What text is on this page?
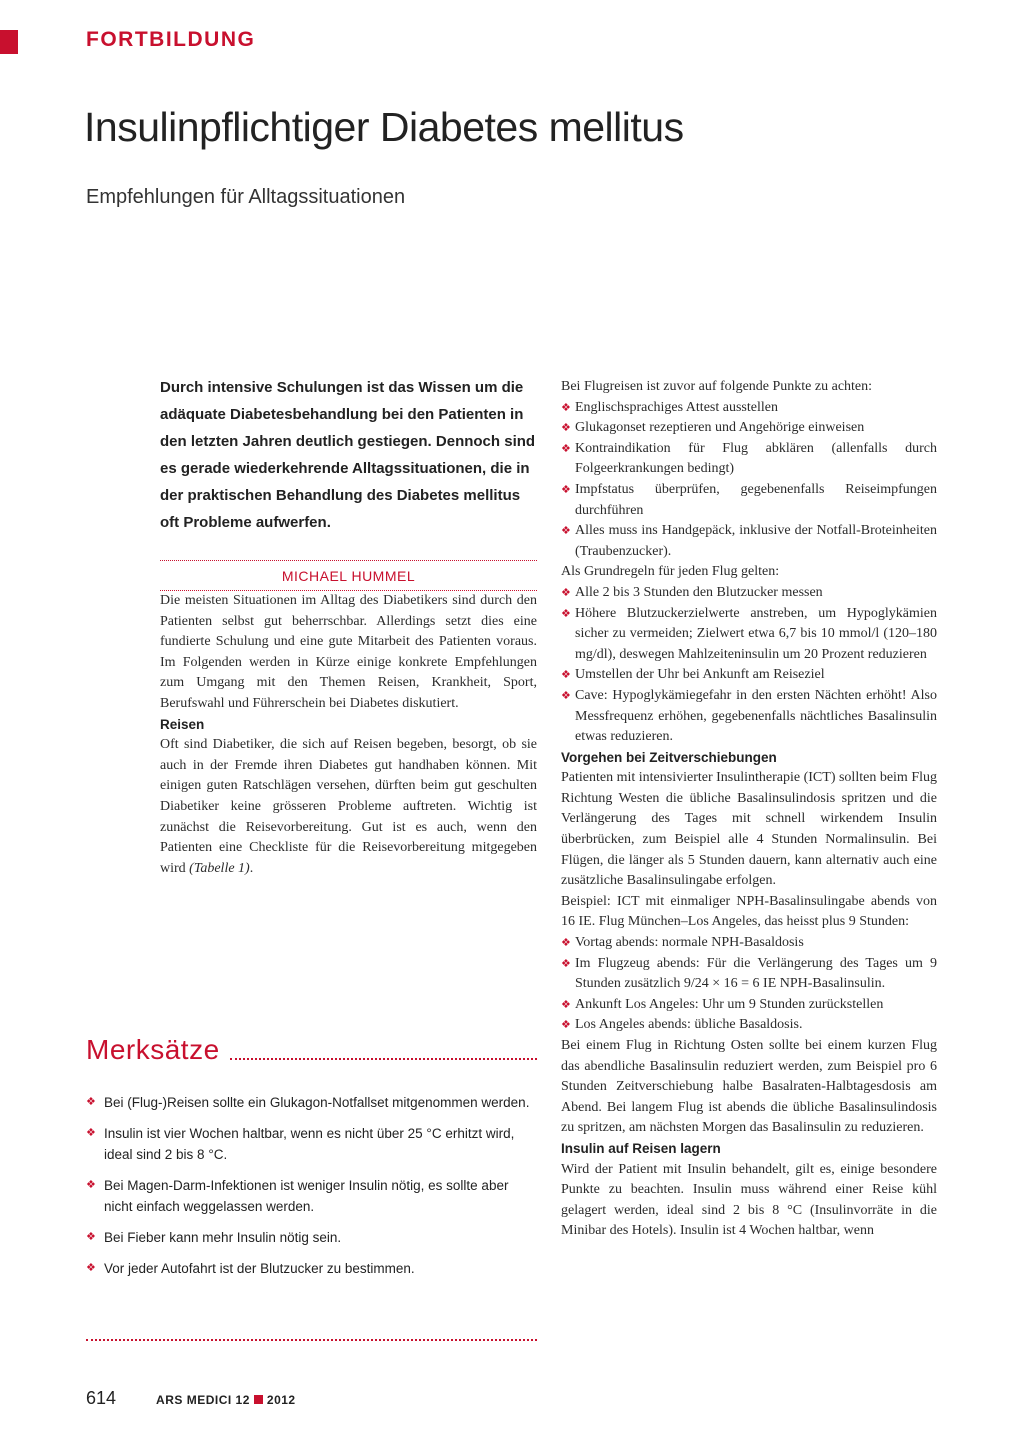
FORTBILDUNG
Insulinpflichtiger Diabetes mellitus
Empfehlungen für Alltagssituationen

Durch intensive Schulungen ist das Wissen um die adäquate Diabetesbehandlung bei den Patienten in den letzten Jahren deutlich gestiegen. Dennoch sind es gerade wiederkehrende Alltagssituationen, die in der praktischen Behandlung des Diabetes mellitus oft Probleme aufwerfen.

MICHAEL HUMMEL

Die meisten Situationen im Alltag des Diabetikers sind durch den Patienten selbst gut beherrschbar. Allerdings setzt dies eine fundierte Schulung und eine gute Mitarbeit des Patienten voraus. Im Folgenden werden in Kürze einige konkrete Empfehlungen zum Umgang mit den Themen Reisen, Krankheit, Sport, Berufswahl und Führerschein bei Diabetes diskutiert.

Reisen

Oft sind Diabetiker, die sich auf Reisen begeben, besorgt, ob sie auch in der Fremde ihren Diabetes gut handhaben können. Mit einigen guten Ratschlägen versehen, dürften beim gut geschulten Diabetiker keine grösseren Probleme auftreten. Wichtig ist zunächst die Reisevorbereitung. Gut ist es auch, wenn den Patienten eine Checkliste für die Reisevorbereitung mitgegeben wird (Tabelle 1).

Merksätze
❖ Bei (Flug-)Reisen sollte ein Glukagon-Notfallset mitgenommen werden.
❖ Insulin ist vier Wochen haltbar, wenn es nicht über 25 °C erhitzt wird, ideal sind 2 bis 8 °C.
❖ Bei Magen-Darm-Infektionen ist weniger Insulin nötig, es sollte aber nicht einfach weggelassen werden.
❖ Bei Fieber kann mehr Insulin nötig sein.
❖ Vor jeder Autofahrt ist der Blutzucker zu bestimmen.

Bei Flugreisen ist zuvor auf folgende Punkte zu achten:

❖ Englischsprachiges Attest ausstellen
❖ Glukagonset rezeptieren und Angehörige einweisen
❖ Kontraindikation für Flug abklären (allenfalls durch Folgeerkrankungen bedingt)
❖ Impfstatus überprüfen, gegebenenfalls Reiseimpfungen durchführen
❖ Alles muss ins Handgepäck, inklusive der Notfall-Broteinheiten (Traubenzucker).

Als Grundregeln für jeden Flug gelten:

❖ Alle 2 bis 3 Stunden den Blutzucker messen
❖ Höhere Blutzuckerzielwerte anstreben, um Hypoglykämien sicher zu vermeiden; Zielwert etwa 6,7 bis 10 mmol/l (120–180 mg/dl), deswegen Mahlzeiteninsulin um 20 Prozent reduzieren
❖ Umstellen der Uhr bei Ankunft am Reiseziel
❖ Cave: Hypoglykämiegefahr in den ersten Nächten erhöht! Also Messfrequenz erhöhen, gegebenenfalls nächtliches Basalinsulin etwas reduzieren.
Vorgehen bei Zeitverschiebungen

Patienten mit intensivierter Insulintherapie (ICT) sollten beim Flug Richtung Westen die übliche Basalinsulindosis spritzen und die Verlängerung des Tages mit schnell wirkendem Insulin überbrücken, zum Beispiel alle 4 Stunden Normalinsulin. Bei Flügen, die länger als 5 Stunden dauern, kann alternativ auch eine zusätzliche Basalinsulingabe erfolgen.

Beispiel: ICT mit einmaliger NPH-Basalinsulingabe abends von 16 IE. Flug München–Los Angeles, das heisst plus 9 Stunden:

❖ Vortag abends: normale NPH-Basaldosis
❖ Im Flugzeug abends: Für die Verlängerung des Tages um 9 Stunden zusätzlich 9/24 × 16 = 6 IE NPH-Basalinsulin.
❖ Ankunft Los Angeles: Uhr um 9 Stunden zurückstellen
❖ Los Angeles abends: übliche Basaldosis.

Bei einem Flug in Richtung Osten sollte bei einem kurzen Flug das abendliche Basalinsulin reduziert werden, zum Beispiel pro 6 Stunden Zeitverschiebung halbe Basalraten-Halbtagesdosis am Abend. Bei langem Flug ist abends die übliche Basalinsulindosis zu spritzen, am nächsten Morgen das Basalinsulin zu reduzieren.

Insulin auf Reisen lagern

Wird der Patient mit Insulin behandelt, gilt es, einige besondere Punkte zu beachten. Insulin muss während einer Reise kühl gelagert werden, ideal sind 2 bis 8 °C (Insulinvorräte in die Minibar des Hotels). Insulin ist 4 Wochen haltbar, wenn

614	ARS MEDICI 12 2012
